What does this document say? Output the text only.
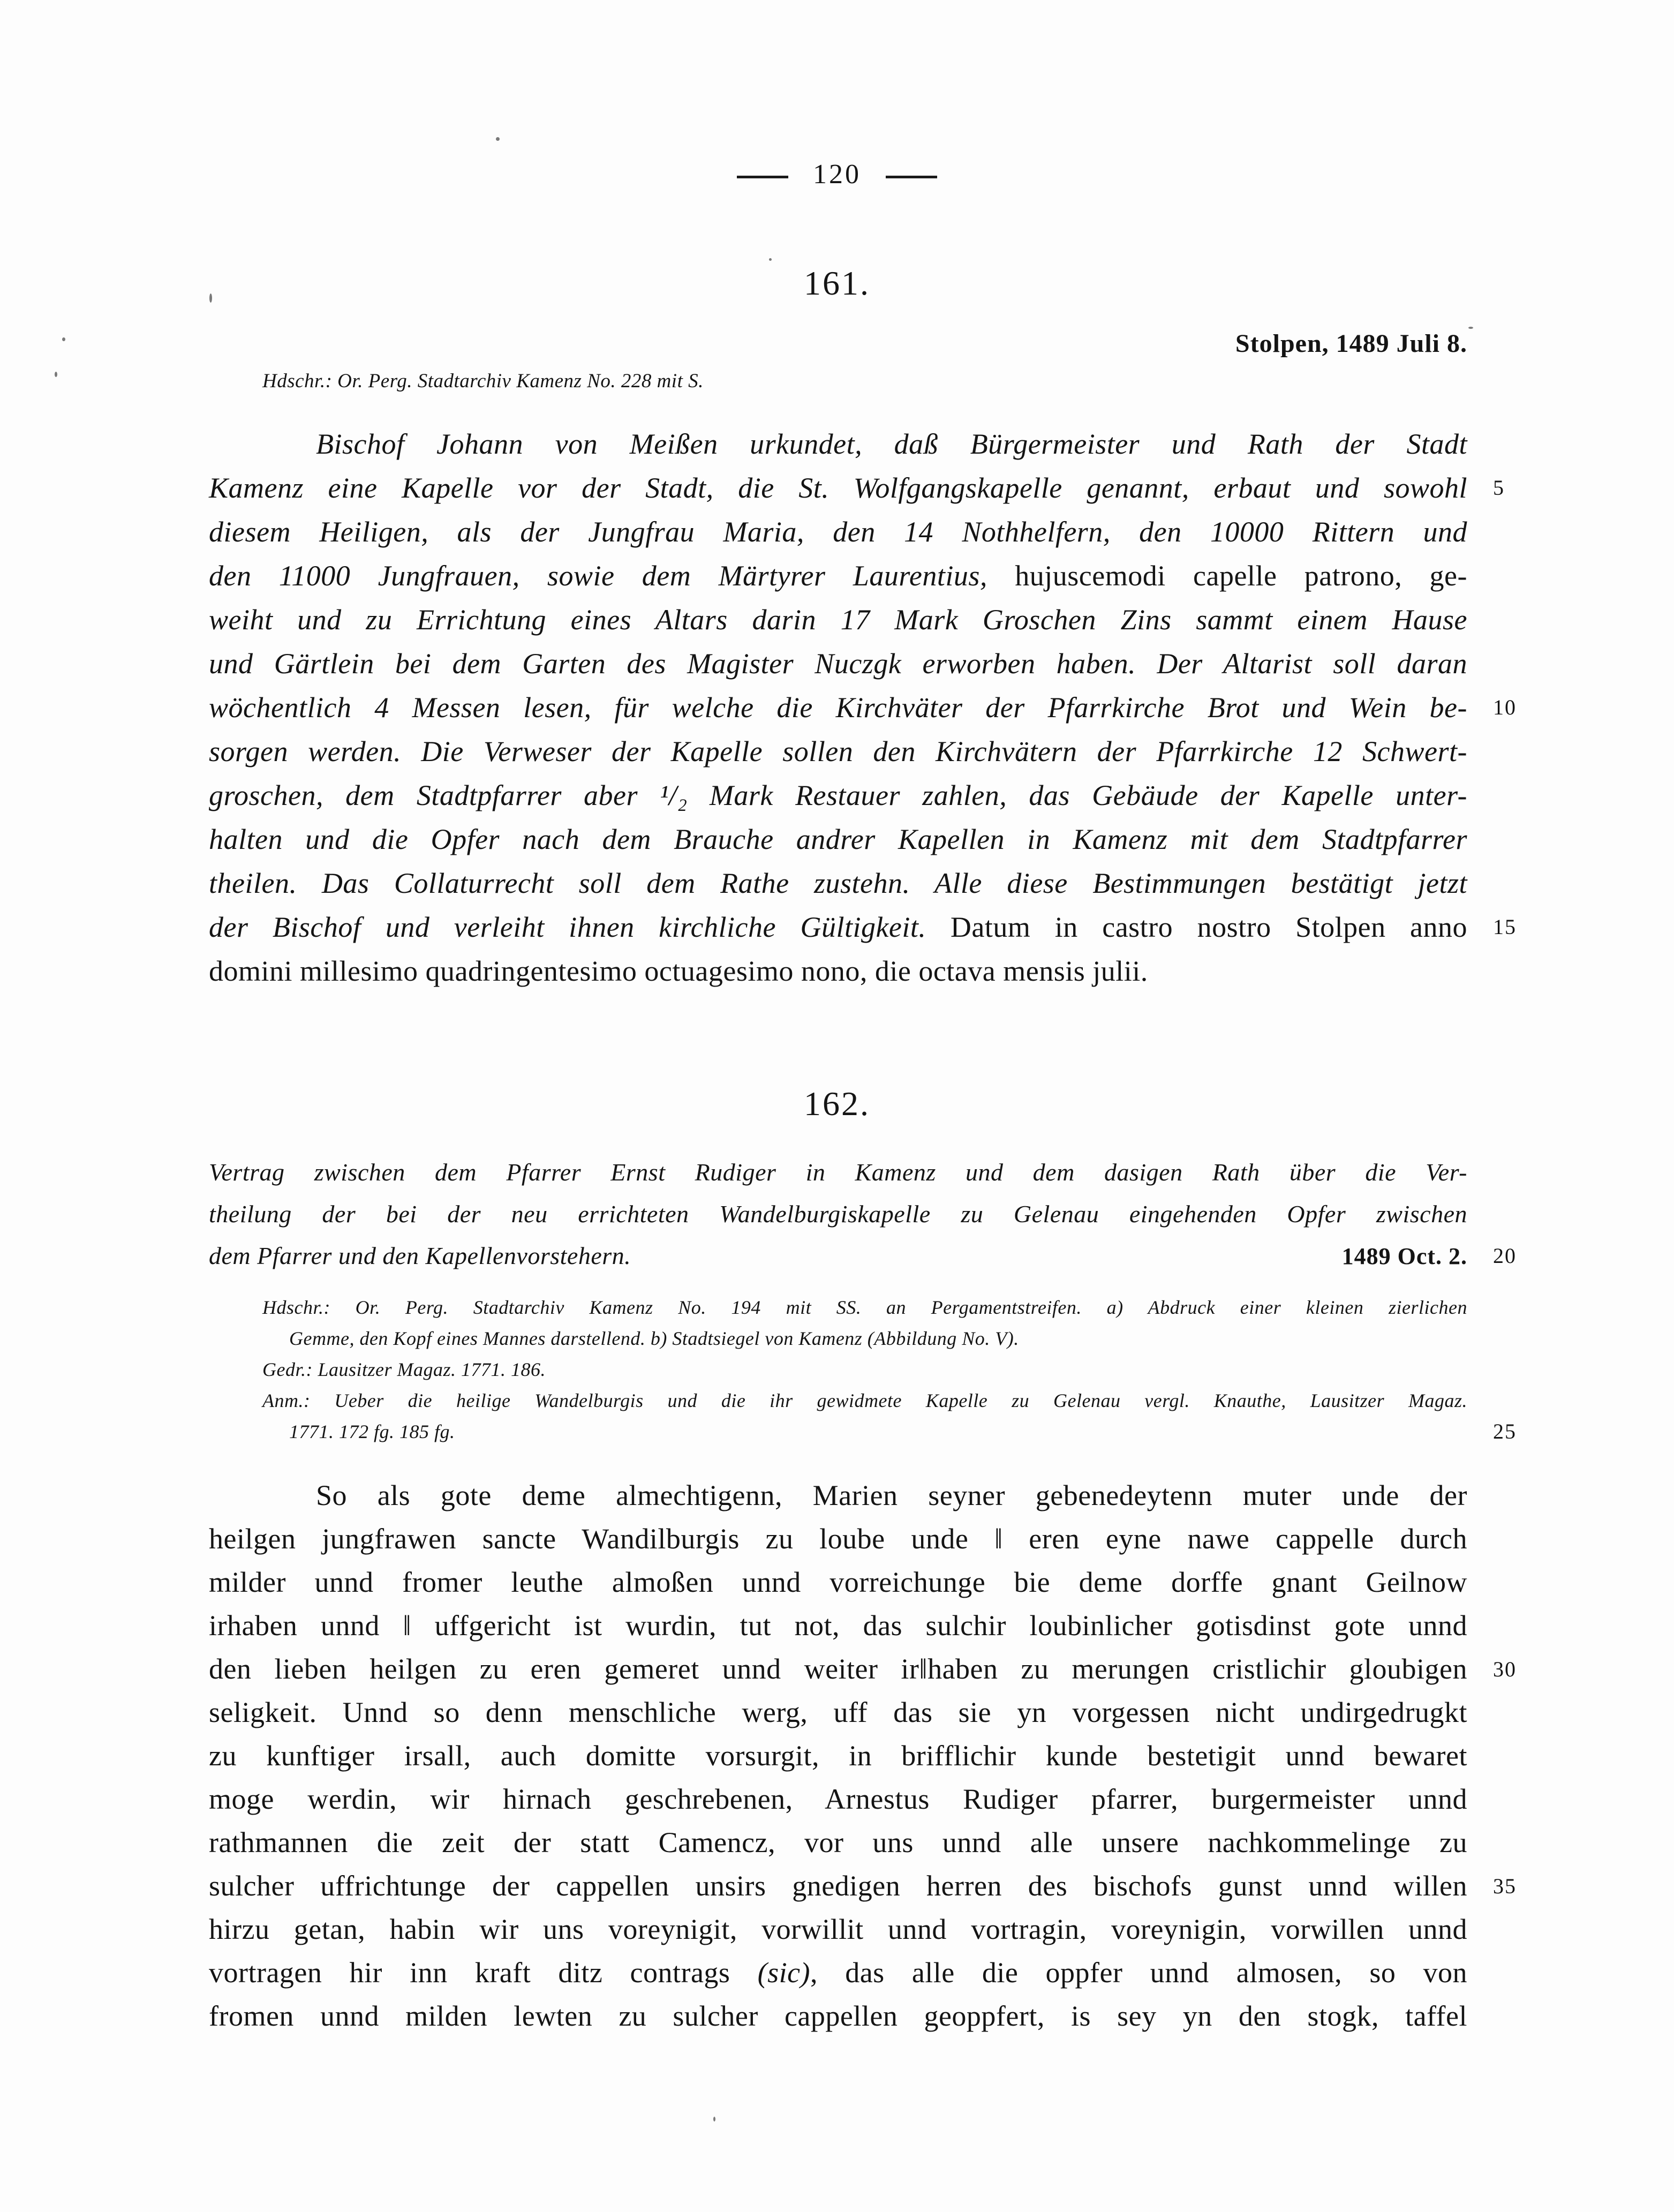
120
161.
Stolpen, 1489 Juli 8.
Hdschr.: Or. Perg. Stadtarchiv Kamenz No. 228 mit S.
Bischof Johann von Meißen urkundet, daß Bürgermeister und Rath der Stadt
Kamenz eine Kapelle vor der Stadt, die St. Wolfgangskapelle genannt, erbaut und sowohl 5
diesem Heiligen, als der Jungfrau Maria, den 14 Nothhelfern, den 10000 Rittern und
den 11000 Jungfrauen, sowie dem Märtyrer Laurentius, hujuscemodi capelle patrono, ge-
weiht und zu Errichtung eines Altars darin 17 Mark Groschen Zins sammt einem Hause
und Gärtlein bei dem Garten des Magister Nuczgk erworben haben. Der Altarist soll daran
wöchentlich 4 Messen lesen, für welche die Kirchväter der Pfarrkirche Brot und Wein be- 10
sorgen werden. Die Verweser der Kapelle sollen den Kirchvätern der Pfarrkirche 12 Schwert-
groschen, dem Stadtpfarrer aber ¹/₂ Mark Restauer zahlen, das Gebäude der Kapelle unter-
halten und die Opfer nach dem Brauche andrer Kapellen in Kamenz mit dem Stadtpfarrer
theilen. Das Collaturrecht soll dem Rathe zustehn. Alle diese Bestimmungen bestätigt jetzt
der Bischof und verleiht ihnen kirchliche Gültigkeit. Datum in castro nostro Stolpen anno 15
domini millesimo quadringentesimo octuagesimo nono, die octava mensis julii.
162.
Vertrag zwischen dem Pfarrer Ernst Rudiger in Kamenz und dem dasigen Rath über die Ver-
theilung der bei der neu errichteten Wandelburgiskapelle zu Gelenau eingehenden Opfer zwischen
dem Pfarrer und den Kapellenvorstehern.	1489 Oct. 2. 20
Hdschr.: Or. Perg. Stadtarchiv Kamenz No. 194 mit SS. an Pergamentstreifen. a) Abdruck einer kleinen zierlichen
Gemme, den Kopf eines Mannes darstellend. b) Stadtsiegel von Kamenz (Abbildung No. V).
Gedr.: Lausitzer Magaz. 1771. 186.
Anm.: Ueber die heilige Wandelburgis und die ihr gewidmete Kapelle zu Gelenau vergl. Knauthe, Lausitzer Magaz.
1771. 172 fg. 185 fg.	25
So als gote deme almechtigenn, Marien seyner gebenedeytenn muter unde der
heilgen jungfrawen sancte Wandilburgis zu loube unde ‖ eren eyne nawe cappelle durch
milder unnd fromer leuthe almoßen unnd vorreichunge bie deme dorffe gnant Geilnow
irhaben unnd ‖ uffgericht ist wurdin, tut not, das sulchir loubinlicher gotisdinst gote unnd
den lieben heilgen zu eren gemeret unnd weiter ir‖haben zu merungen cristlichir gloubigen 30
seligkeit. Unnd so denn menschliche werg, uff das sie yn vorgessen nicht undirgedrugkt
zu kunftiger irsall, auch domitte vorsurgit, in brifflichir kunde bestetigit unnd bewaret
moge werdin, wir hirnach geschrebenen, Arnestus Rudiger pfarrer, burgermeister unnd
rathmannen die zeit der statt Camencz, vor uns unnd alle unsere nachkommelinge zu
sulcher uffrichtunge der cappellen unsirs gnedigen herren des bischofs gunst unnd willen 35
hirzu getan, habin wir uns voreynigit, vorwillit unnd vortragin, voreynigin, vorwillen unnd
vortragen hir inn kraft ditz contrags (sic), das alle die oppfer unnd almosen, so von
fromen unnd milden lewten zu sulcher cappellen geoppfert, is sey yn den stogk, taffel
